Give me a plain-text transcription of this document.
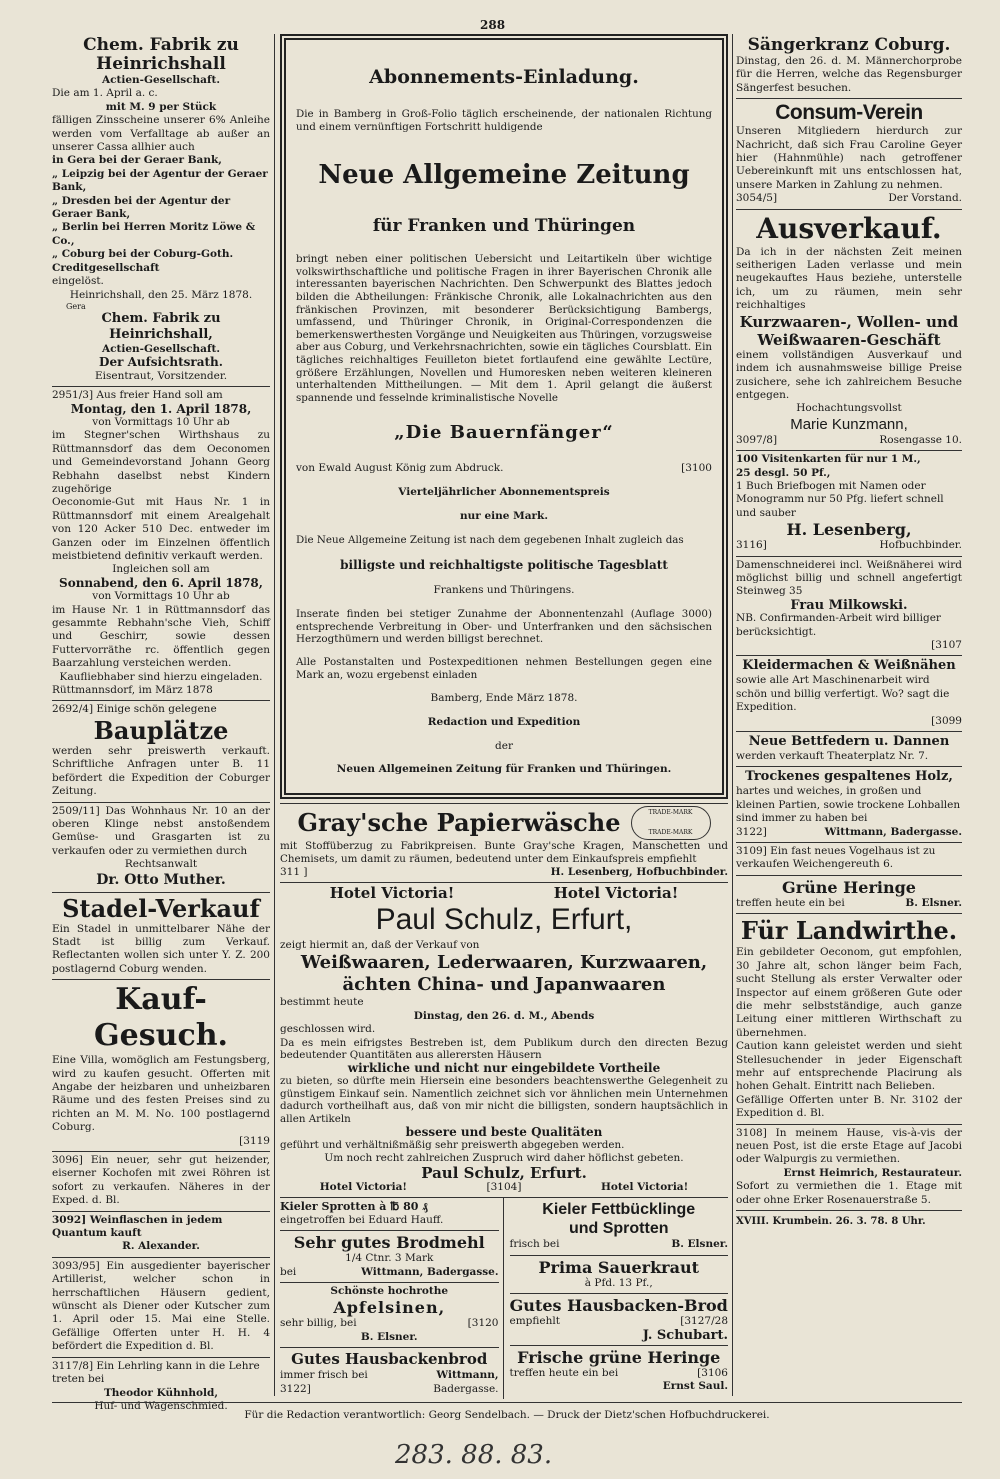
288

Chem. Fabrik zu Heinrichshall

Actien-Gesellschaft.

Die am 1. April a. c.

mit M. 9 per Stück

fälligen Zinsscheine unserer 6% Anleihe werden vom Verfalltage ab außer an unserer Cassa allhier auch

in Gera bei der Geraer Bank,

„ Leipzig bei der Agentur der Geraer Bank,

„ Dresden bei der Agentur der Geraer Bank,

„ Berlin bei Herren Moritz Löwe & Co.,

„ Coburg bei der Coburg-Goth. Creditgesellschaft

eingelöst.

Heinrichshall, den 25. März 1878.

Gera

Chem. Fabrik zu Heinrichshall,

Actien-Gesellschaft.

Der Aufsichtsrath.

Eisentraut, Vorsitzender.

2951/3] Aus freier Hand soll am

Montag, den 1. April 1878,

von Vormittags 10 Uhr ab

im Stegner'schen Wirthshaus zu Rüttmannsdorf das dem Oeconomen und Gemeindevorstand Johann Georg Rebhahn daselbst nebst Kindern zugehörige

Oeconomie-Gut mit Haus Nr. 1 in Rüttmannsdorf mit einem Arealgehalt von 120 Acker 510 Dec. entweder im Ganzen oder im Einzelnen öffentlich meistbietend definitiv verkauft werden.

Ingleichen soll am

Sonnabend, den 6. April 1878,

von Vormittags 10 Uhr ab

im Hause Nr. 1 in Rüttmannsdorf das gesammte Rebhahn'sche Vieh, Schiff und Geschirr, sowie dessen Futtervorräthe rc. öffentlich gegen Baarzahlung versteichen werden.

Kaufliebhaber sind hierzu eingeladen.

Rüttmannsdorf, im März 1878

2692/4] Einige schön gelegene

Bauplätze

werden sehr preiswerth verkauft. Schriftliche Anfragen unter B. 11 befördert die Expedition der Coburger Zeitung.

2509/11] Das Wohnhaus Nr. 10 an der oberen Klinge nebst anstoßendem Gemüse- und Grasgarten ist zu verkaufen oder zu vermiethen durch

Rechtsanwalt

Dr. Otto Muther.

Stadel-Verkauf

Ein Stadel in unmittelbarer Nähe der Stadt ist billig zum Verkauf. Reflectanten wollen sich unter Y. Z. 200 postlagernd Coburg wenden.

Kauf-Gesuch.

Eine Villa, womöglich am Festungsberg, wird zu kaufen gesucht. Offerten mit Angabe der heizbaren und unheizbaren Räume und des festen Preises sind zu richten an M. M. No. 100 postlagernd Coburg.

[3119

3096] Ein neuer, sehr gut heizender, eiserner Kochofen mit zwei Röhren ist sofort zu verkaufen. Näheres in der Exped. d. Bl.

3092] Weinflaschen in jedem Quantum kauft

R. Alexander.

3093/95] Ein ausgedienter bayerischer Artillerist, welcher schon in herrschaftlichen Häusern gedient, wünscht als Diener oder Kutscher zum 1. April oder 15. Mai eine Stelle. Gefällige Offerten unter H. H. 4 befördert die Expedition d. Bl.

3117/8] Ein Lehrling kann in die Lehre treten bei

Theodor Kühnhold,

Huf- und Wagenschmied.

Abonnements-Einladung.

Die in Bamberg in Groß-Folio täglich erscheinende, der nationalen Richtung und einem vernünftigen Fortschritt huldigende

Neue Allgemeine Zeitung

für Franken und Thüringen

bringt neben einer politischen Uebersicht und Leitartikeln über wichtige volkswirthschaftliche und politische Fragen in ihrer Bayerischen Chronik alle interessanten bayerischen Nachrichten. Den Schwerpunkt des Blattes jedoch bilden die Abtheilungen: Fränkische Chronik, alle Lokalnachrichten aus den fränkischen Provinzen, mit besonderer Berücksichtigung Bambergs, umfassend, und Thüringer Chronik, in Original-Correspondenzen die bemerkenswerthesten Vorgänge und Neuigkeiten aus Thüringen, vorzugsweise aber aus Coburg, und Verkehrsnachrichten, sowie ein tägliches Coursblatt. Ein tägliches reichhaltiges Feuilleton bietet fortlaufend eine gewählte Lectüre, größere Erzählungen, Novellen und Humoresken neben weiteren kleineren unterhaltenden Mittheilungen. — Mit dem 1. April gelangt die äußerst spannende und fesselnde kriminalistische Novelle

„Die Bauernfänger“

von Ewald August König zum Abdruck.	[3100

Vierteljährlicher Abonnementspreis

nur eine Mark.

Die Neue Allgemeine Zeitung ist nach dem gegebenen Inhalt zugleich das

billigste und reichhaltigste politische Tagesblatt

Frankens und Thüringens.

Inserate finden bei stetiger Zunahme der Abonnentenzahl (Auflage 3000) entsprechende Verbreitung in Ober- und Unterfranken und den sächsischen Herzogthümern und werden billigst berechnet.

Alle Postanstalten und Postexpeditionen nehmen Bestellungen gegen eine Mark an, wozu ergebenst einladen

Bamberg, Ende März 1878.

Redaction und Expedition

der

Neuen Allgemeinen Zeitung für Franken und Thüringen.

Gray'sche Papierwäsche	TRADE-MARK
TRADE-MARK

mit Stoffüberzug zu Fabrikpreisen. Bunte Gray'sche Kragen, Manschetten und Chemisets, um damit zu räumen, bedeutend unter dem Einkaufspreis empfiehlt

311 ]	H. Lesenberg, Hofbuchbinder.
Hotel Victoria!	Hotel Victoria!

Paul Schulz, Erfurt,

zeigt hiermit an, daß der Verkauf von

Weißwaaren, Lederwaaren, Kurzwaaren,

ächten China- und Japanwaaren

bestimmt heute

Dinstag, den 26. d. M., Abends

geschlossen wird.

Da es mein eifrigstes Bestreben ist, dem Publikum durch den directen Bezug bedeutender Quantitäten aus allerersten Häusern

wirkliche und nicht nur eingebildete Vortheile

zu bieten, so dürfte mein Hiersein eine besonders beachtenswerthe Gelegenheit zu günstigem Einkauf sein. Namentlich zeichnet sich vor ähnlichen mein Unternehmen dadurch vortheilhaft aus, daß von mir nicht die billigsten, sondern hauptsächlich in allen Artikeln

bessere und beste Qualitäten

geführt und verhältnißmäßig sehr preiswerth abgegeben werden.

Um noch recht zahlreichen Zuspruch wird daher höflichst gebeten.

Paul Schulz, Erfurt.

Hotel Victoria!	[3104]	Hotel Victoria!

Kieler Sprotten à ℔ 80 ₰

eingetroffen bei Eduard Hauff.

Sehr gutes Brodmehl

1/4 Ctnr. 3 Mark

bei	Wittmann, Badergasse.

Schönste hochrothe

Apfelsinen,

sehr billig, bei	[3120

B. Elsner.

Gutes Hausbackenbrod

immer frisch bei	Wittmann,
3122]	Badergasse.

Kieler Fettbücklinge

und Sprotten

frisch bei	B. Elsner.

Prima Sauerkraut

à Pfd. 13 Pf.,

Gutes Hausbacken-Brod

empfiehlt	[3127/28

J. Schubart.

Frische grüne Heringe

treffen heute ein bei	[3106

Ernst Saul.

Sängerkranz Coburg.

Dinstag, den 26. d. M. Männerchorprobe für die Herren, welche das Regensburger Sängerfest besuchen.

Consum-Verein

Unseren Mitgliedern hierdurch zur Nachricht, daß sich Frau Caroline Geyer hier (Hahnmühle) nach getroffener Uebereinkunft mit uns entschlossen hat, unsere Marken in Zahlung zu nehmen.

3054/5]	Der Vorstand.

Ausverkauf.

Da ich in der nächsten Zeit meinen seitherigen Laden verlasse und mein neugekauftes Haus beziehe, unterstelle ich, um zu räumen, mein sehr reichhaltiges

Kurzwaaren-, Wollen- und Weißwaaren-Geschäft

einem vollständigen Ausverkauf und indem ich ausnahmsweise billige Preise zusichere, sehe ich zahlreichem Besuche entgegen.

Hochachtungsvollst

Marie Kunzmann,

3097/8]	Rosengasse 10.

100 Visitenkarten für nur 1 M.,

25 desgl. 50 Pf.,

1 Buch Briefbogen mit Namen oder Monogramm nur 50 Pfg. liefert schnell und sauber

H. Lesenberg,

3116]	Hofbuchbinder.

Damenschneiderei incl. Weißnäherei wird möglichst billig und schnell angefertigt Steinweg 35

Frau Milkowski.

NB. Confirmanden-Arbeit wird billiger berücksichtigt.

[3107

Kleidermachen & Weißnähen

sowie alle Art Maschinenarbeit wird schön und billig verfertigt. Wo? sagt die Expedition.

[3099

Neue Bettfedern u. Dannen

werden verkauft Theaterplatz Nr. 7.

Trockenes gespaltenes Holz,

hartes und weiches, in großen und kleinen Partien, sowie trockene Lohballen sind immer zu haben bei

3122]	Wittmann, Badergasse.

3109] Ein fast neues Vogelhaus ist zu verkaufen Weichengereuth 6.

Grüne Heringe

treffen heute ein bei	B. Elsner.

Für Landwirthe.

Ein gebildeter Oeconom, gut empfohlen, 30 Jahre alt, schon länger beim Fach, sucht Stellung als erster Verwalter oder Inspector auf einem größeren Gute oder die mehr selbstständige, auch ganze Leitung einer mittleren Wirthschaft zu übernehmen.

Caution kann geleistet werden und sieht Stellesuchender in jeder Eigenschaft mehr auf entsprechende Placirung als hohen Gehalt. Eintritt nach Belieben.

Gefällige Offerten unter B. Nr. 3102 der Expedition d. Bl.

3108] In meinem Hause, vis-à-vis der neuen Post, ist die erste Etage auf Jacobi oder Walpurgis zu vermiethen.

Ernst Heimrich, Restaurateur.

Sofort zu vermiethen die 1. Etage mit oder ohne Erker Rosenauerstraße 5.

XVIII. Krumbein. 26. 3. 78. 8 Uhr.

Für die Redaction verantwortlich: Georg Sendelbach. — Druck der Dietz'schen Hofbuchdruckerei.
283. 88. 83.
